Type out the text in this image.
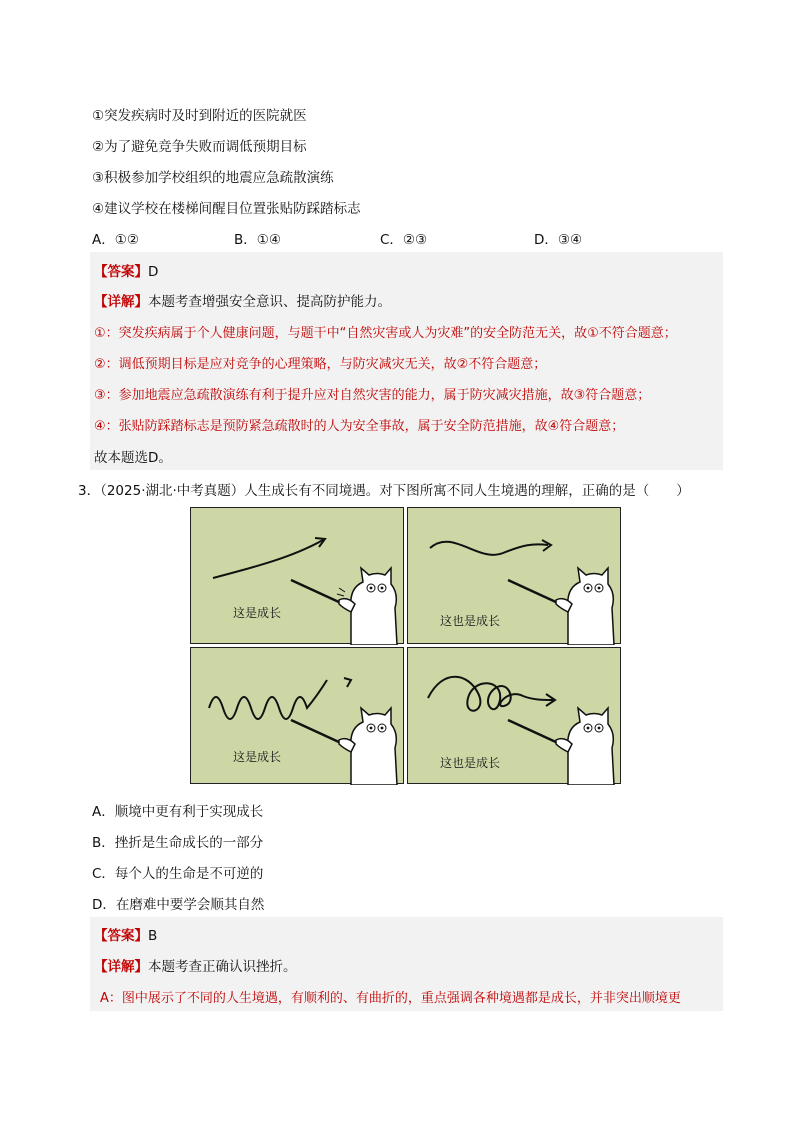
①突发疾病时及时到附近的医院就医
②为了避免竞争失败而调低预期目标
③积极参加学校组织的地震应急疏散演练
④建议学校在楼梯间醒目位置张贴防踩踏标志
A．①②	B．①④	C．②③	D．③④
【答案】D
【详解】本题考查增强安全意识、提高防护能力。
①：突发疾病属于个人健康问题，与题干中“自然灾害或人为灾难”的安全防范无关，故①不符合题意；
②：调低预期目标是应对竞争的心理策略，与防灾减灾无关，故②不符合题意；
③：参加地震应急疏散演练有利于提升应对自然灾害的能力，属于防灾减灾措施，故③符合题意；
④：张贴防踩踏标志是预防紧急疏散时的人为安全事故，属于安全防范措施，故④符合题意；
故本题选D。
3．（2025·湖北·中考真题）人生成长有不同境遇。对下图所寓不同人生境遇的理解，正确的是（　　）
这是成长
这也是成长
这是成长	这也是成长
A．顺境中更有利于实现成长
B．挫折是生命成长的一部分
C．每个人的生命是不可逆的
D．在磨难中要学会顺其自然
【答案】B
【详解】本题考查正确认识挫折。
A：图中展示了不同的人生境遇，有顺利的、有曲折的，重点强调各种境遇都是成长，并非突出顺境更
